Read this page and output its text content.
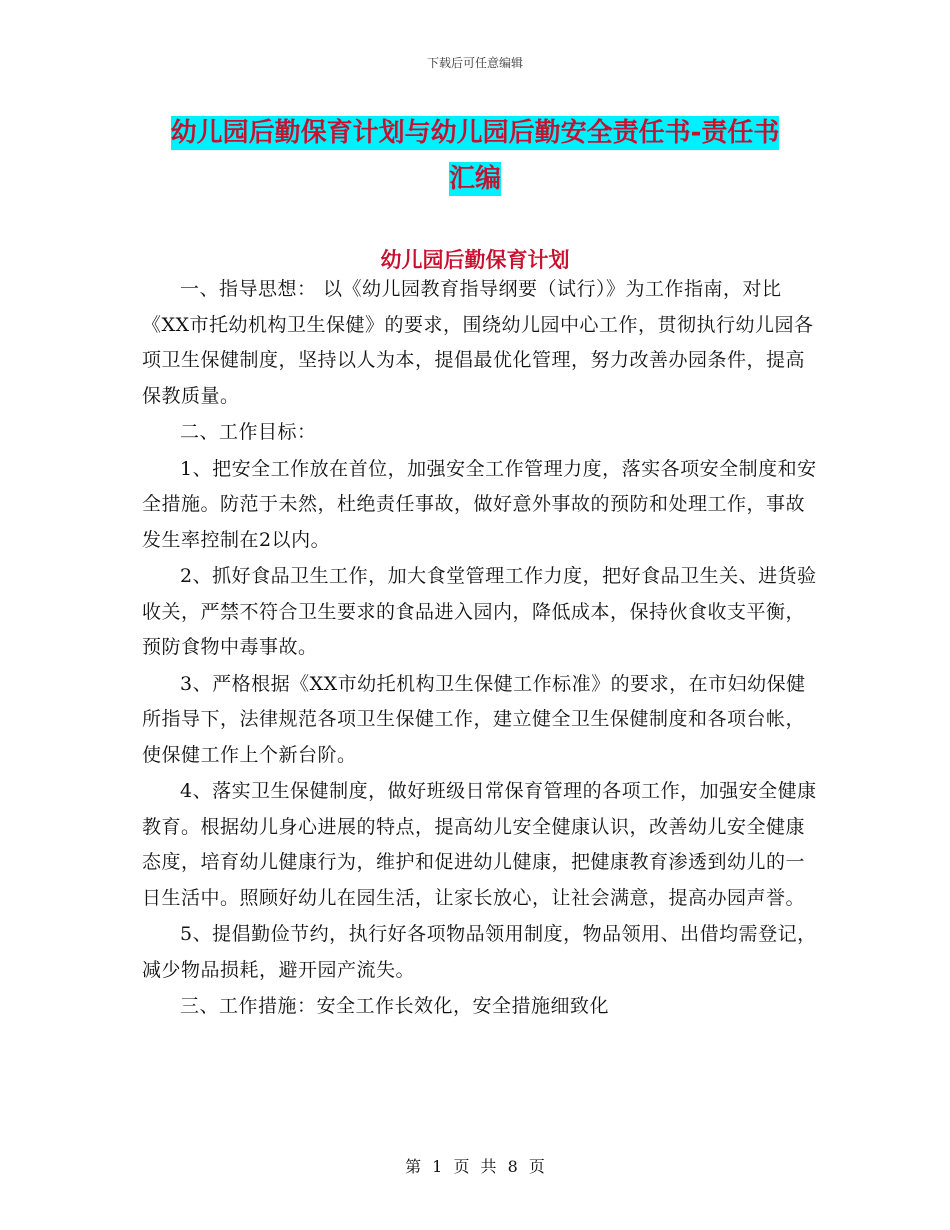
下载后可任意编辑
幼儿园后勤保育计划与幼儿园后勤安全责任书-责任书
汇编
幼儿园后勤保育计划

一、指导思想： 以《幼儿园教育指导纲要（试行）》为工作指南，对比《XX市托幼机构卫生保健》的要求，围绕幼儿园中心工作，贯彻执行幼儿园各项卫生保健制度，坚持以人为本，提倡最优化管理，努力改善办园条件，提高保教质量。

二、工作目标：

1、把安全工作放在首位，加强安全工作管理力度，落实各项安全制度和安全措施。防范于未然，杜绝责任事故，做好意外事故的预防和处理工作，事故发生率控制在2以内。

2、抓好食品卫生工作，加大食堂管理工作力度，把好食品卫生关、进货验收关，严禁不符合卫生要求的食品进入园内，降低成本，保持伙食收支平衡，预防食物中毒事故。

3、严格根据《XX市幼托机构卫生保健工作标准》的要求，在市妇幼保健所指导下，法律规范各项卫生保健工作，建立健全卫生保健制度和各项台帐，使保健工作上个新台阶。

4、落实卫生保健制度，做好班级日常保育管理的各项工作，加强安全健康教育。根据幼儿身心进展的特点，提高幼儿安全健康认识，改善幼儿安全健康态度，培育幼儿健康行为，维护和促进幼儿健康，把健康教育渗透到幼儿的一日生活中。照顾好幼儿在园生活，让家长放心，让社会满意，提高办园声誉。

5、提倡勤俭节约，执行好各项物品领用制度，物品领用、出借均需登记，减少物品损耗，避开园产流失。

三、工作措施：安全工作长效化，安全措施细致化

第 1 页 共 8 页
